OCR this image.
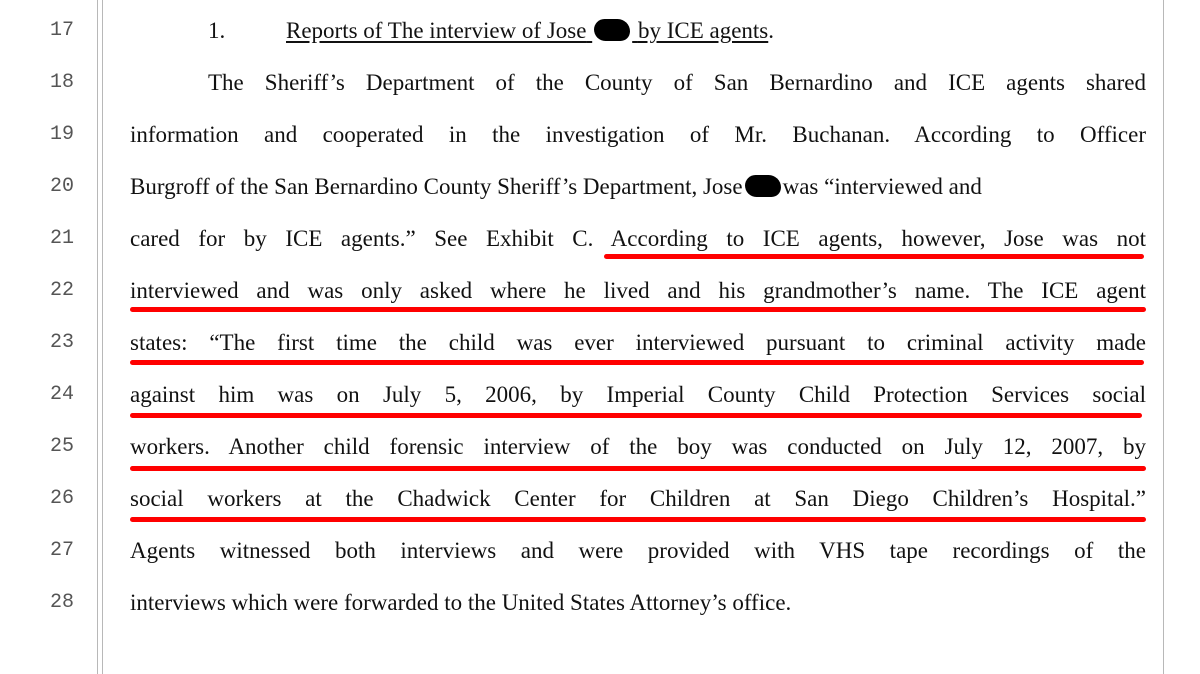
17
18
19
20
21
22
23
24
25
26
27
28
1.	Reports of The interview of Jose by ICE agents.
The Sheriff’s Department of the County of San Bernardino and ICE agents shared
information and cooperated in the investigation of Mr. Buchanan. According to Officer
Burgroff of the San Bernardino County Sheriff’s Department, Jose was “interviewed and
cared for by ICE agents.” See Exhibit C. According to ICE agents, however, Jose was not
interviewed and was only asked where he lived and his grandmother’s name. The ICE agent
states: “The first time the child was ever interviewed pursuant to criminal activity made
against him was on July 5, 2006, by Imperial County Child Protection Services social
workers. Another child forensic interview of the boy was conducted on July 12, 2007, by
social workers at the Chadwick Center for Children at San Diego Children’s Hospital.”
Agents witnessed both interviews and were provided with VHS tape recordings of the
interviews which were forwarded to the United States Attorney’s office.
